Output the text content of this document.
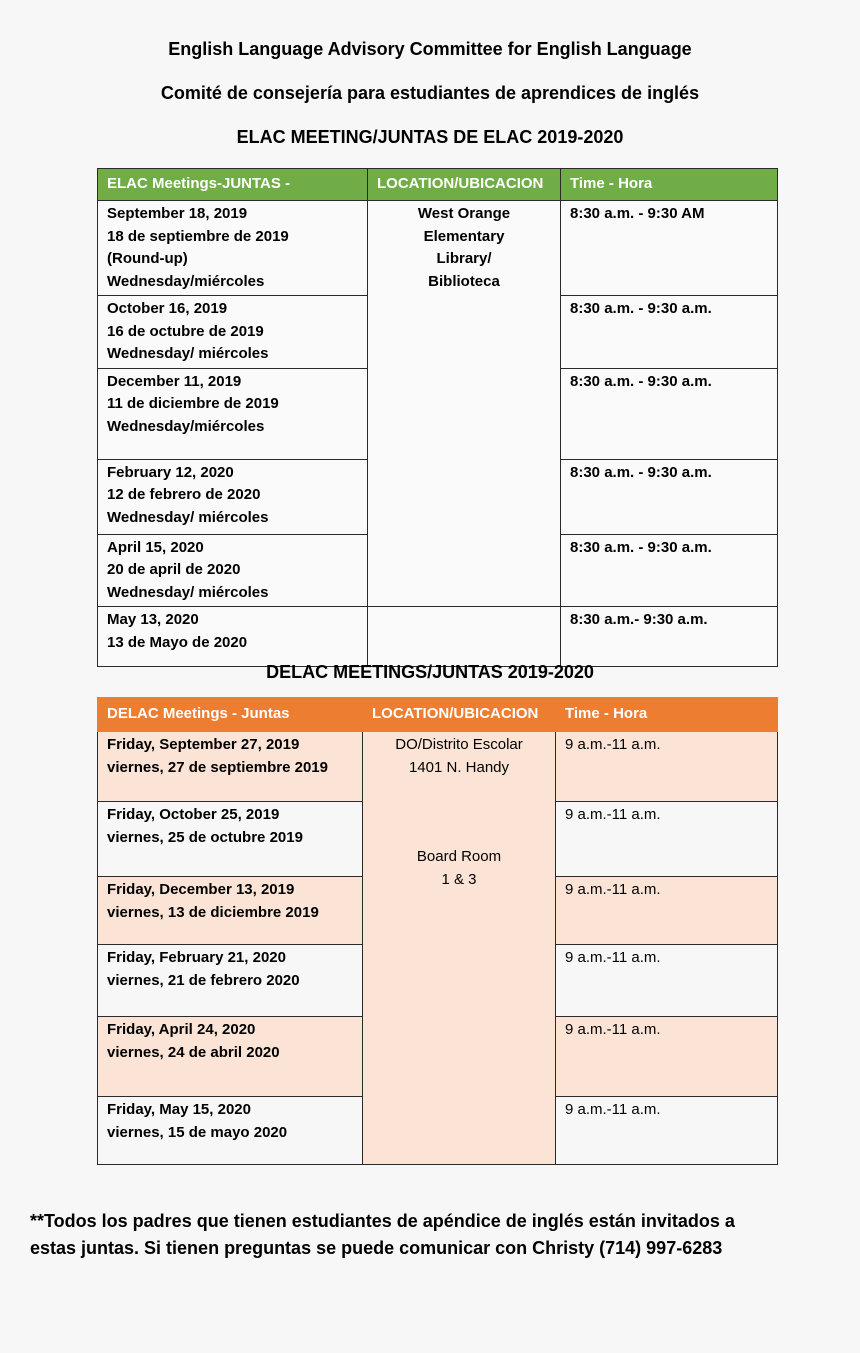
English Language Advisory Committee for English Language
Comité de consejería para estudiantes de aprendices de inglés
ELAC MEETING/JUNTAS DE ELAC 2019-2020
ELAC Meetings-JUNTAS -	LOCATION/UBICACION	Time - Hora

September 18, 2019
18 de septiembre de 2019
(Round-up)
Wednesday/miércoles	West Orange
Elementary
Library/
Biblioteca	8:30 a.m. - 9:30 AM

October 16, 2019
16 de octubre de 2019
Wednesday/ miércoles		8:30 a.m. - 9:30 a.m.

December 11, 2019
11 de diciembre de 2019
Wednesday/miércoles		8:30 a.m. - 9:30 a.m.

February 12, 2020
12 de febrero de 2020
Wednesday/ miércoles		8:30 a.m. - 9:30 a.m.

April 15, 2020
20 de april de 2020
Wednesday/ miércoles		8:30 a.m. - 9:30 a.m.

May 13, 2020
13 de Mayo de 2020		8:30 a.m.- 9:30 a.m.
DELAC MEETINGS/JUNTAS 2019-2020
DELAC Meetings - Juntas	LOCATION/UBICACION	Time - Hora

Friday, September 27, 2019
viernes, 27 de septiembre 2019	DO/Distrito Escolar
1401 N. Handy
Board Room
1 & 3	9 a.m.-11 a.m.

Friday, October 25, 2019
viernes, 25 de octubre 2019		9 a.m.-11 a.m.

Friday, December 13, 2019
viernes, 13 de diciembre 2019		9 a.m.-11 a.m.

Friday, February 21, 2020
viernes, 21 de febrero 2020		9 a.m.-11 a.m.

Friday, April 24, 2020
viernes, 24 de abril 2020		9 a.m.-11 a.m.

Friday, May 15, 2020
viernes, 15 de mayo 2020		9 a.m.-11 a.m.
**Todos los padres que tienen estudiantes de apéndice de inglés están invitados a
estas juntas. Si tienen preguntas se puede comunicar con Christy (714) 997-6283
